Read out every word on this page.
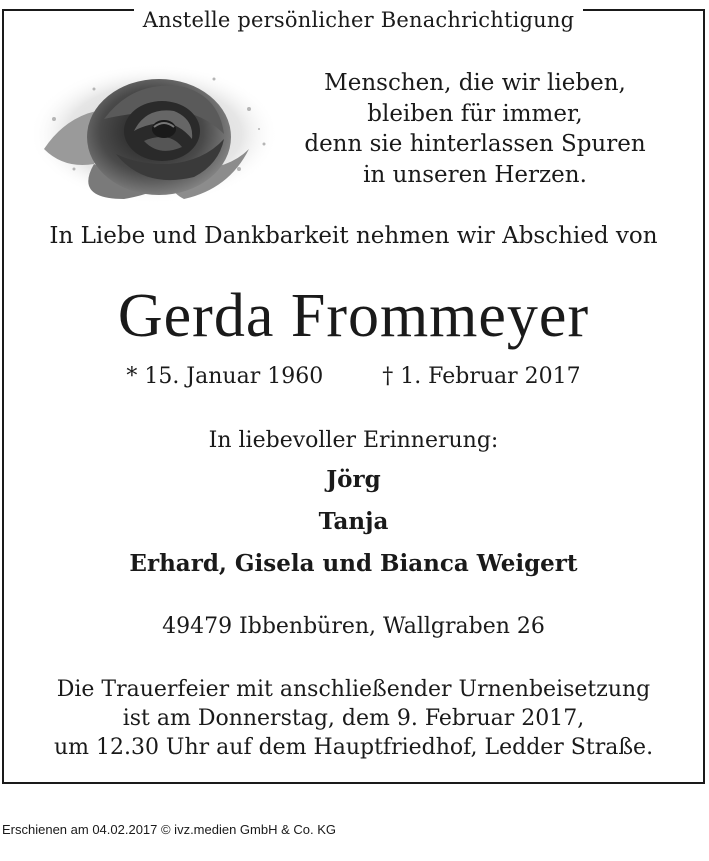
Anstelle persönlicher Benachrichtigung
Menschen, die wir lieben,
bleiben für immer,
denn sie hinterlassen Spuren
in unseren Herzen.
In Liebe und Dankbarkeit nehmen wir Abschied von
Gerda Frommeyer
* 15. Januar 1960	† 1. Februar 2017
In liebevoller Erinnerung:
Jörg
Tanja
Erhard, Gisela und Bianca Weigert
49479 Ibbenbüren, Wallgraben 26
Die Trauerfeier mit anschließender Urnenbeisetzung
ist am Donnerstag, dem 9. Februar 2017,
um 12.30 Uhr auf dem Hauptfriedhof, Ledder Straße.
Erschienen am 04.02.2017 © ivz.medien GmbH & Co. KG
